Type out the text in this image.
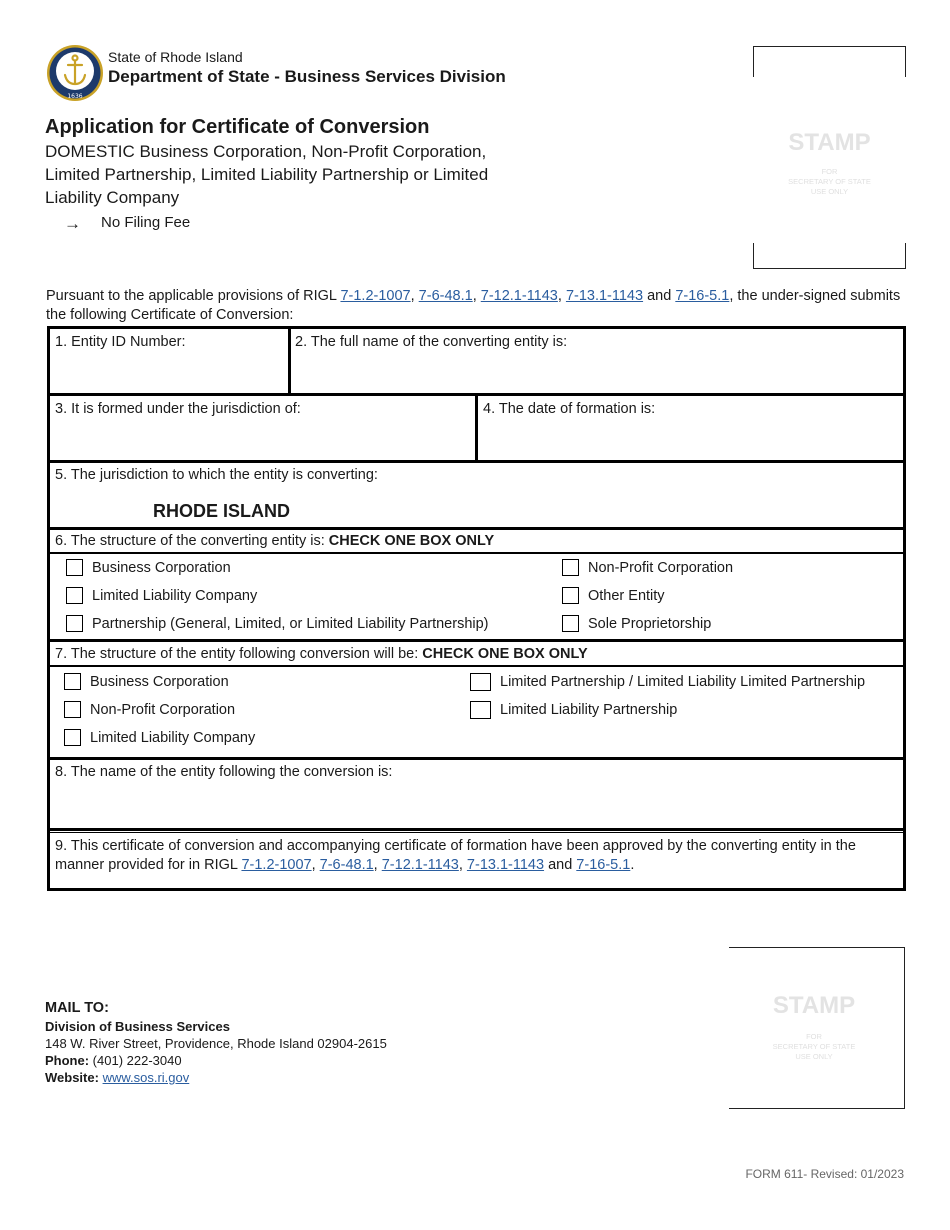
1636
State of Rhode Island
Department of State - Business Services Division
Application for Certificate of Conversion
DOMESTIC Business Corporation, Non-Profit Corporation, Limited Partnership, Limited Liability Partnership or Limited Liability Company
→ No Filing Fee
STAMP
FOR
SECRETARY OF STATE
USE ONLY
Pursuant to the applicable provisions of RIGL 7-1.2-1007, 7-6-48.1, 7-12.1-1143, 7-13.1-1143 and 7-16-5.1, the under-signed submits the following Certificate of Conversion:
1. Entity ID Number:	2. The full name of the converting entity is:
3. It is formed under the jurisdiction of:	4. The date of formation is:
5. The jurisdiction to which the entity is converting:
RHODE ISLAND
6. The structure of the converting entity is: CHECK ONE BOX ONLY
Business Corporation
Limited Liability Company
Partnership (General, Limited, or Limited Liability Partnership)
Non-Profit Corporation
Other Entity
Sole Proprietorship
7. The structure of the entity following conversion will be: CHECK ONE BOX ONLY
Business Corporation
Non-Profit Corporation
Limited Liability Company
Limited Partnership / Limited Liability Limited Partnership
Limited Liability Partnership
8. The name of the entity following the conversion is:
9. This certificate of conversion and accompanying certificate of formation have been approved by the converting entity in the manner provided for in RIGL 7-1.2-1007, 7-6-48.1, 7-12.1-1143, 7-13.1-1143 and 7-16-5.1.
STAMP
FOR
SECRETARY OF STATE
USE ONLY
MAIL TO:
Division of Business Services
148 W. River Street, Providence, Rhode Island 02904-2615
Phone: (401) 222-3040
Website: www.sos.ri.gov
FORM 611- Revised: 01/2023
